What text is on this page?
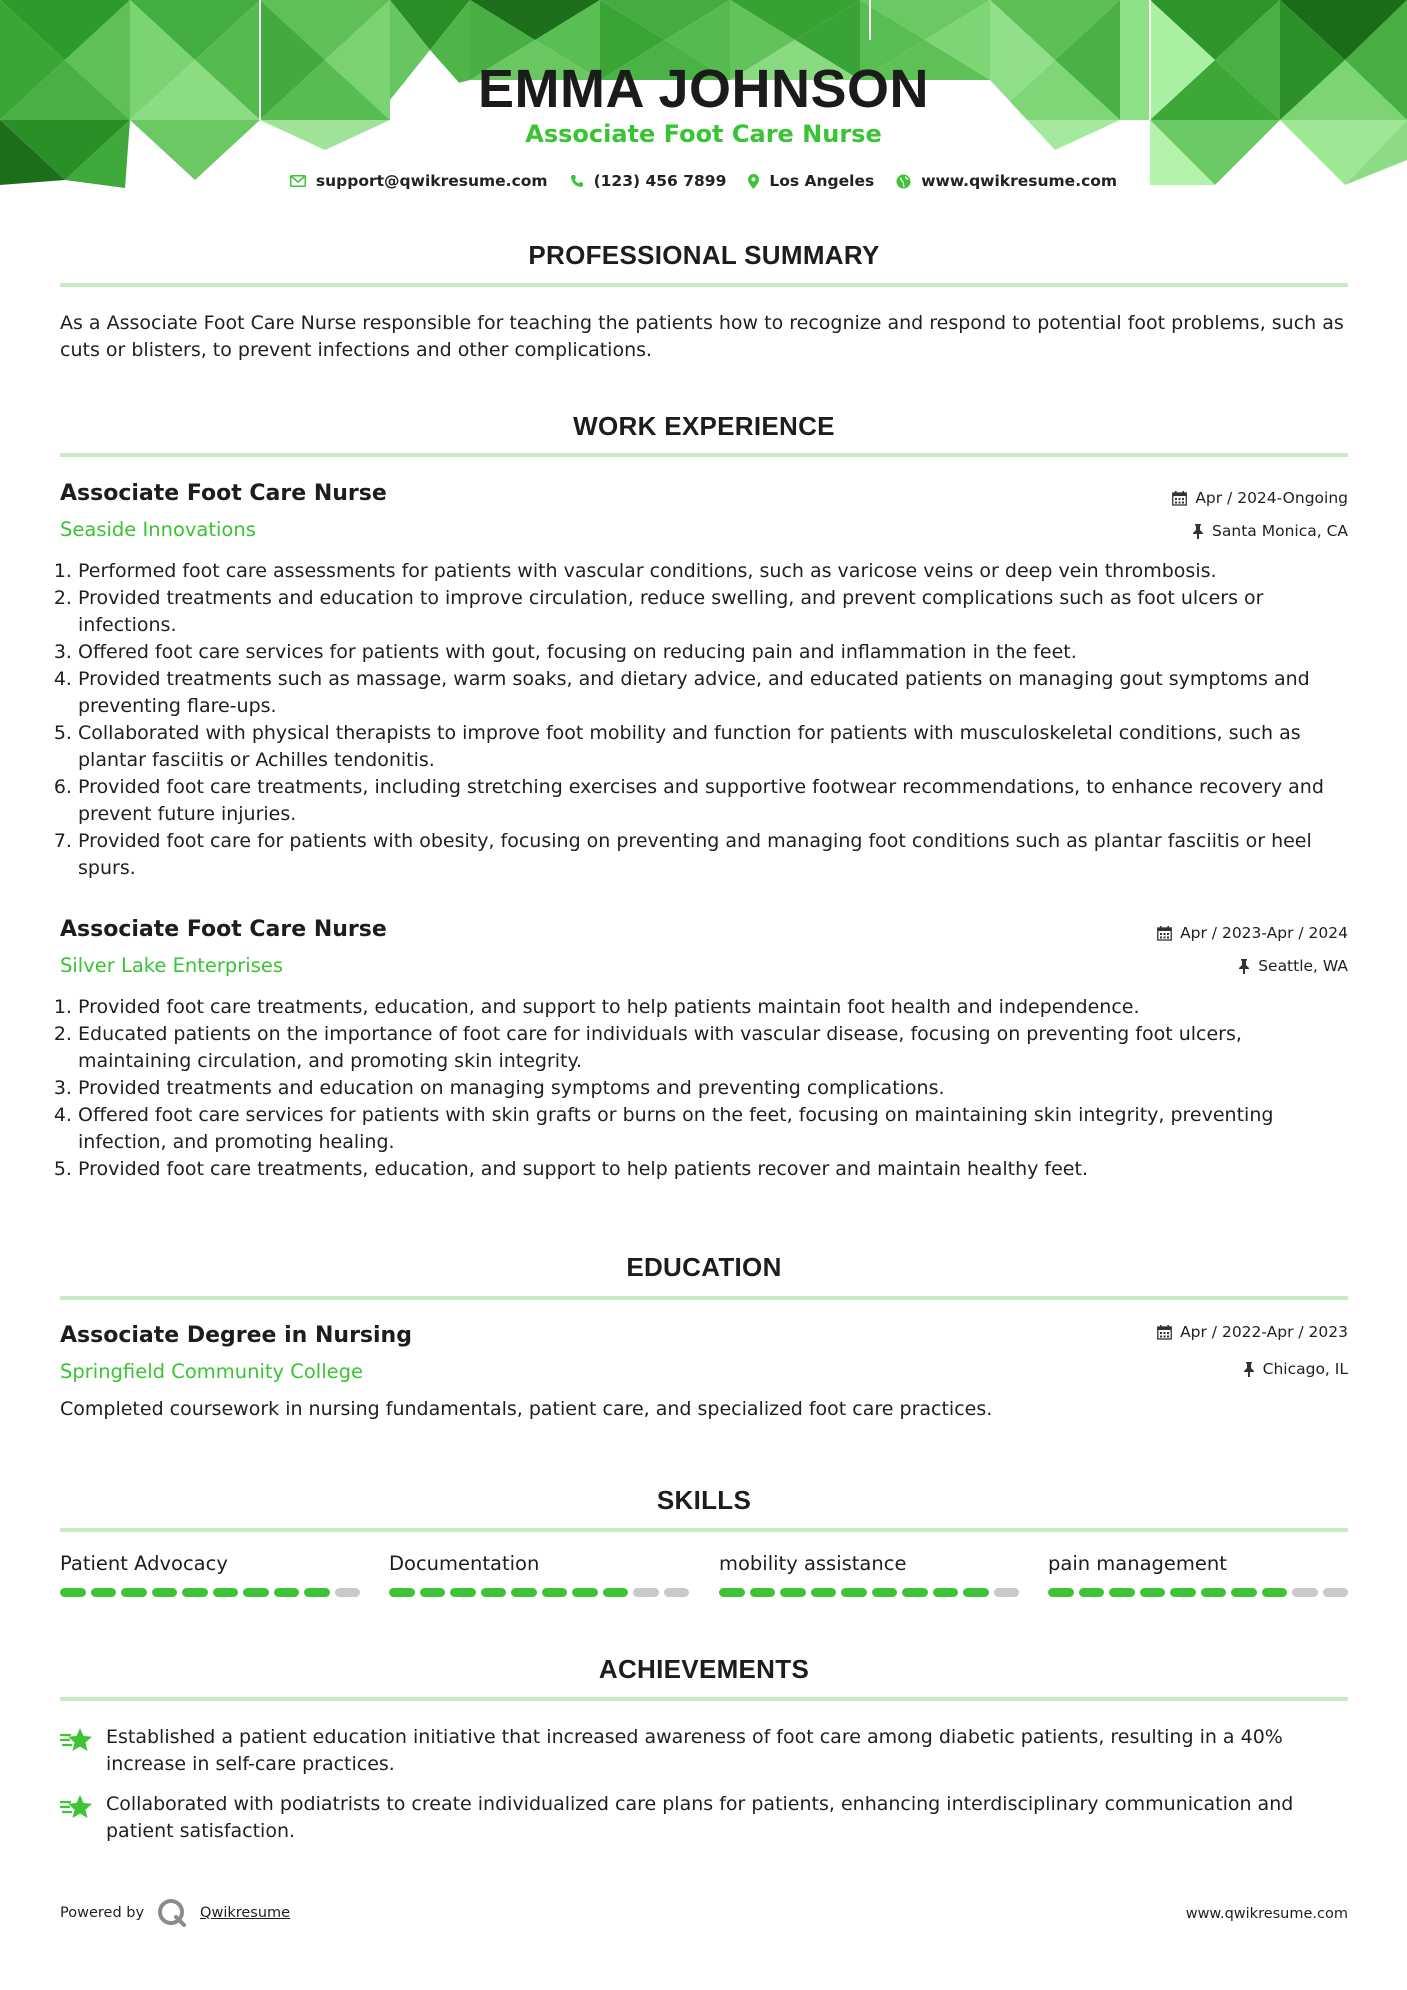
EMMA JOHNSON
Associate Foot Care Nurse
support@qwikresume.com	(123) 456 7899	Los Angeles	www.qwikresume.com
PROFESSIONAL SUMMARY
As a Associate Foot Care Nurse responsible for teaching the patients how to recognize and respond to potential foot problems, such as cuts or blisters, to prevent infections and other complications.
WORK EXPERIENCE
Associate Foot Care Nurse	Apr / 2024-Ongoing
Seaside Innovations	Santa Monica, CA
1. Performed foot care assessments for patients with vascular conditions, such as varicose veins or deep vein thrombosis.
2. Provided treatments and education to improve circulation, reduce swelling, and prevent complications such as foot ulcers or infections.
3. Offered foot care services for patients with gout, focusing on reducing pain and inflammation in the feet.
4. Provided treatments such as massage, warm soaks, and dietary advice, and educated patients on managing gout symptoms and preventing flare-ups.
5. Collaborated with physical therapists to improve foot mobility and function for patients with musculoskeletal conditions, such as plantar fasciitis or Achilles tendonitis.
6. Provided foot care treatments, including stretching exercises and supportive footwear recommendations, to enhance recovery and prevent future injuries.
7. Provided foot care for patients with obesity, focusing on preventing and managing foot conditions such as plantar fasciitis or heel spurs.
Associate Foot Care Nurse	Apr / 2023-Apr / 2024
Silver Lake Enterprises	Seattle, WA
1. Provided foot care treatments, education, and support to help patients maintain foot health and independence.
2. Educated patients on the importance of foot care for individuals with vascular disease, focusing on preventing foot ulcers, maintaining circulation, and promoting skin integrity.
3. Provided treatments and education on managing symptoms and preventing complications.
4. Offered foot care services for patients with skin grafts or burns on the feet, focusing on maintaining skin integrity, preventing infection, and promoting healing.
5. Provided foot care treatments, education, and support to help patients recover and maintain healthy feet.
EDUCATION
Associate Degree in Nursing	Apr / 2022-Apr / 2023
Springfield Community College	Chicago, IL
Completed coursework in nursing fundamentals, patient care, and specialized foot care practices.
SKILLS
Patient Advocacy	Documentation	mobility assistance	pain management
ACHIEVEMENTS
Established a patient education initiative that increased awareness of foot care among diabetic patients, resulting in a 40% increase in self-care practices.
Collaborated with podiatrists to create individualized care plans for patients, enhancing interdisciplinary communication and patient satisfaction.
Powered by	Qwikresume	www.qwikresume.com
